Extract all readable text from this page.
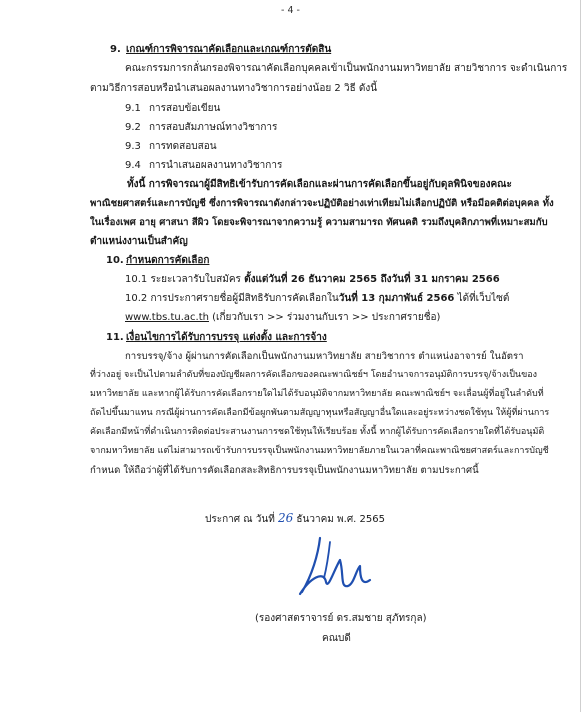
- 4 -
9. เกณฑ์การพิจารณาคัดเลือกและเกณฑ์การตัดสิน
คณะกรรมการกลั่นกรองพิจารณาคัดเลือกบุคคลเข้าเป็นพนักงานมหาวิทยาลัย สายวิชาการ จะดำเนินการ
ตามวิธีการสอบหรือนำเสนอผลงานทางวิชาการอย่างน้อย 2 วิธี ดังนี้
9.1 การสอบข้อเขียน
9.2 การสอบสัมภาษณ์ทางวิชาการ
9.3 การทดสอบสอน
9.4 การนำเสนอผลงานทางวิชาการ
ทั้งนี้ การพิจารณาผู้มีสิทธิเข้ารับการคัดเลือกและผ่านการคัดเลือกขึ้นอยู่กับดุลพินิจของคณะ
พาณิชยศาสตร์และการบัญชี ซึ่งการพิจารณาดังกล่าวจะปฏิบัติอย่างเท่าเทียมไม่เลือกปฏิบัติ หรือมีอคติต่อบุคคล ทั้ง
ในเรื่องเพศ อายุ ศาสนา สีผิว โดยจะพิจารณาจากความรู้ ความสามารถ ทัศนคติ รวมถึงบุคลิกภาพที่เหมาะสมกับ
ตำแหน่งงานเป็นสำคัญ
10. กำหนดการคัดเลือก
10.1 ระยะเวลารับใบสมัคร ตั้งแต่วันที่ 26 ธันวาคม 2565 ถึงวันที่ 31 มกราคม 2566
10.2 การประกาศรายชื่อผู้มีสิทธิรับการคัดเลือกในวันที่ 13 กุมภาพันธ์ 2566 ได้ที่เว็บไซต์
www.tbs.tu.ac.th (เกี่ยวกับเรา >> ร่วมงานกับเรา >> ประกาศรายชื่อ)
11. เงื่อนไขการได้รับการบรรจุ แต่งตั้ง และการจ้าง
การบรรจุ/จ้าง ผู้ผ่านการคัดเลือกเป็นพนักงานมหาวิทยาลัย สายวิชาการ ตำแหน่งอาจารย์ ในอัตรา
ที่ว่างอยู่ จะเป็นไปตามลำดับที่ของบัญชีผลการคัดเลือกของคณะพาณิชย์ฯ โดยอำนาจการอนุมัติการบรรจุ/จ้างเป็นของ
มหาวิทยาลัย และหากผู้ได้รับการคัดเลือกรายใดไม่ได้รับอนุมัติจากมหาวิทยาลัย คณะพาณิชย์ฯ จะเลื่อนผู้ที่อยู่ในลำดับที่
ถัดไปขึ้นมาแทน กรณีผู้ผ่านการคัดเลือกมีข้อผูกพันตามสัญญาทุนหรือสัญญาอื่นใดและอยู่ระหว่างชดใช้ทุน ให้ผู้ที่ผ่านการ
คัดเลือกมีหน้าที่ดำเนินการติดต่อประสานงานการชดใช้ทุนให้เรียบร้อย ทั้งนี้ หากผู้ได้รับการคัดเลือกรายใดที่ได้รับอนุมัติ
จากมหาวิทยาลัย แต่ไม่สามารถเข้ารับการบรรจุเป็นพนักงานมหาวิทยาลัยภายในเวลาที่คณะพาณิชยศาสตร์และการบัญชี
กำหนด ให้ถือว่าผู้ที่ได้รับการคัดเลือกสละสิทธิการบรรจุเป็นพนักงานมหาวิทยาลัย ตามประกาศนี้
ประกาศ ณ วันที่ 26 ธันวาคม พ.ศ. 2565
(รองศาสตราจารย์ ดร.สมชาย สุภัทรกุล)
คณบดี
